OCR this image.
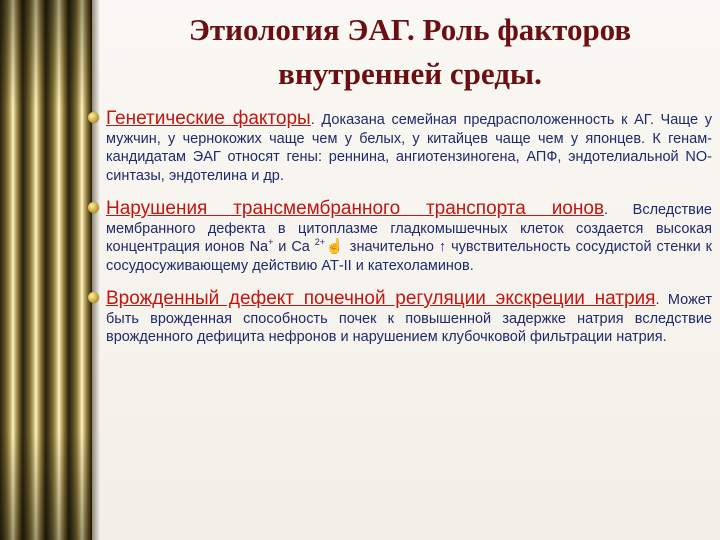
Этиология ЭАГ. Роль факторов внутренней среды.
Генетические факторы. Доказана семейная предрасположенность к АГ. Чаще у мужчин, у чернокожих чаще чем у белых, у китайцев чаще чем у японцев. К генам-кандидатам ЭАГ относят гены: реннина, ангиотензиногена, АПФ, эндотелиальной NO-синтазы, эндотелина и др.
Нарушения трансмембранного транспорта ионов. Вследствие мембранного дефекта в цитоплазме гладкомышечных клеток создается высокая концентрация ионов Na+ и Ca $^{2+}$☝ значительно ↑ чувствительность сосудистой стенки к сосудосуживающему действию АТ-II и катехоламинов.
Врожденный дефект почечной регуляции экскреции натрия. Может быть врожденная способность почек к повышенной задержке натрия вследствие врожденного дефицита нефронов и нарушением клубочковой фильтрации натрия.
